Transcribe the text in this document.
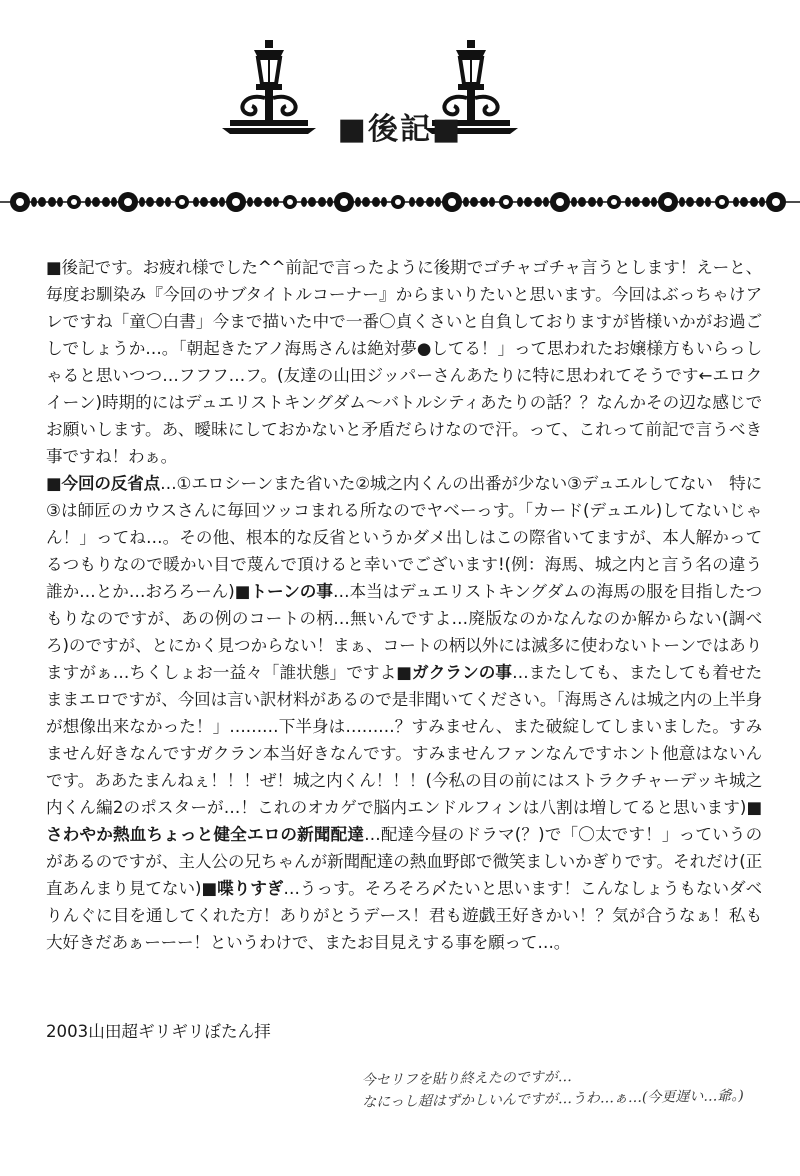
■後記■

■後記です。お疲れ様でした^^前記で言ったように後期でゴチャゴチャ言うとします！えーと、毎度お馴染み『今回のサブタイトルコーナー』からまいりたいと思います。今回はぶっちゃけアレですね「童〇白書」今まで描いた中で一番〇貞くさいと自負しておりますが皆様いかがお過ごしでしょうか…。「朝起きたアノ海馬さんは絶対夢●してる！」って思われたお嬢様方もいらっしゃると思いつつ…フフフ…フ。(友達の山田ジッパーさんあたりに特に思われてそうです←エロクイーン)時期的にはデュエリストキングダム～バトルシティあたりの話？？なんかその辺な感じでお願いします。あ、曖昧にしておかないと矛盾だらけなので汗。って、これって前記で言うべき事ですね！わぁ。

■今回の反省点…①エロシーンまた省いた②城之内くんの出番が少ない③デュエルしてない　特に③は師匠のカウスさんに毎回ツッコまれる所なのでヤベーっす。「カード(デュエル)してないじゃん！」ってね…。その他、根本的な反省というかダメ出しはこの際省いてますが、本人解かってるつもりなので暖かい目で蔑んで頂けると幸いでございます!(例：海馬、城之内と言う名の違う誰か…とか…おろろーん)■トーンの事…本当はデュエリストキングダムの海馬の服を目指したつもりなのですが、あの例のコートの柄…無いんですよ…廃版なのかなんなのか解からない(調べろ)のですが、とにかく見つからない！まぁ、コートの柄以外には滅多に使わないトーンではありますがぁ…ちくしょお一益々「誰状態」ですよ■ガクランの事…またしても、またしても着せたままエロですが、今回は言い訳材料があるので是非聞いてください。「海馬さんは城之内の上半身が想像出来なかった！」………下半身は………？すみません、また破綻してしまいました。すみません好きなんですガクラン本当好きなんです。すみませんファンなんですホント他意はないんです。ああたまんねぇ！！！ぜ！城之内くん！！！(今私の目の前にはストラクチャーデッキ城之内くん編2のポスターが…！これのオカゲで脳内エンドルフィンは八割は増してると思います)■さわやか熱血ちょっと健全エロの新聞配達…配達今昼のドラマ(？)で「〇太です！」っていうのがあるのですが、主人公の兄ちゃんが新聞配達の熱血野郎で微笑ましいかぎりです。それだけ(正直あんまり見てない)■喋りすぎ…うっす。そろそろ〆たいと思います！こんなしょうもないダベりんぐに目を通してくれた方！ありがとうデース！君も遊戯王好きかい！？気が合うなぁ！私も大好きだあぁーーー！というわけで、またお目見えする事を願って…。

2003山田超ギリギリぼたん拝

今セリフを貼り終えたのですが…

なにっし超はずかしいんですが…うわ…ぁ…(今更遅い…爺。)
